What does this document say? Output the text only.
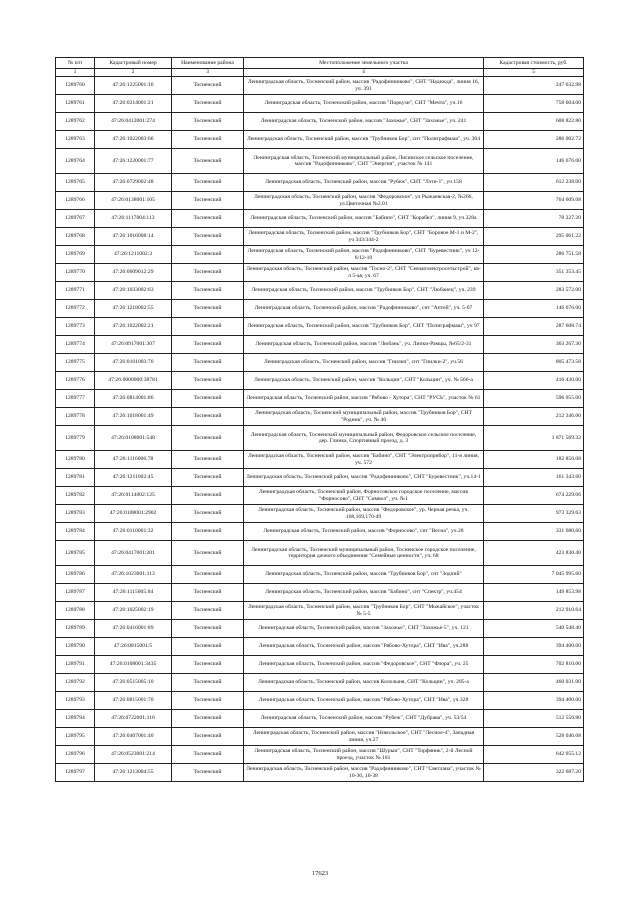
№ п/п	Кадастровый номер	Наименование района	Местоположение земельного участка	Кадастровая стоимость, руб.
1	2	3	4	5
1289760	47:26:1225001:16	Тосненский	Ленинградская область, Тосненский район, массив "Радофинниково", СНТ "Надежда", линия 16, уч. 391	247 632.98
1289761	47:26:0214001:21	Тосненский	Ленинградская область, Тосненский район, массив "Поркузи", СНТ "Мечта", уч.16	758 604.00
1289762	47:26:0412001:274	Тосненский	Ленинградская область, Тосненский район, массив "Захожье", СНТ "Захожье", уч. 241	608 822.80
1289763	47:26:1022003:66	Тосненский	Ленинградская область, Тосненский район, массив "Трубников Бор", снт "Полиграфмаш", уч. 304	286 002.72
1289764	47:26:1220001:77	Тосненский	Ленинградская область, Тосненский муниципальный район, Лисинское сельское поселение, массив "Радофинниково", СНТ "Энергия", участок № 141	146 676.00
1289765	47:26:0729002:48	Тосненский	Ленинградская область, Тосненский район, массив "Рубеж", СНТ "Лэти-1", уч 158	612 238.00
1289766	47:26:0138001:105	Тосненский	Ленинградская область, Тосненский район, массив "Федоровское", ул Рыжаевская-2, №266, ул.Цветочная №2.01	764 609.08
1289767	47:26:1117004:113	Тосненский	Ленинградская область, Тосненский район, массив "Бабино", СНТ "Корабел", линия 9, уч.328а	78 227.20
1289768	47:26:1016008:14	Тосненский	Ленинградская область, Тосненский район, массив "Трубников Бор", СНТ "Боровое М-1 и М-2", уч 343/344-2	295 061.22
1289769	47:26:1211002:3	Тосненский	Ленинградская область, Тосненский район, массив "Радофинниково", СНТ "Буревестник", уч 12-6/12-10	286 751.58
1289770	47:26:0609012:29	Тосненский	Ленинградская область, Тосненский район, массив "Тосно-2", СНТ "Севзапэлектросетьстрой", кв-л 5-ая, уч. 67	351 353.45
1289771	47:26:1033002:63	Тосненский	Ленинградская область, Тосненский район, массив "Трубников Бор", СНТ "Любанец", уч. 239	283 572.00
1289772	47:26:1218002:55	Тосненский	Ленинградская область, Тосненский район, массив "Радофинниково", снт "Аптей", уч. 5-07	146 676.00
1289773	47:26:1022002:21	Тосненский	Ленинградская область, Тосненский район, массив "Трубников Бор", СНТ "Полиграфмаш", уч 97	287 608.74
1289774	47:26:0917001:307	Тосненский	Ленинградская область, Тосненский район, массив "Любань", уч. Липки-Рамцы, №65/2-31	363 267.30
1289775	47:26:0101003:76	Тосненский	Ленинградская область, Тосненский район, массив "Гнилки", снт "Гнилки-2", уч.56	805 473.58
1289776	47:26:0000000:38781	Тосненский	Ленинградская область, Тосненский район, массив "Кольцин", СНТ "Кольцин", уч. № 566-а	416 430.00
1289777	47:26:0814001:86	Тосненский	Ленинградская область, Тосненский район, массив "Рябово - Хутора", СНТ "РУСЬ", участок № 61	596 055.00
1289778	47:26:1018001:49	Тосненский	Ленинградская область, Тосненский муниципальный район, массив "Трубников Бор", СНТ "Родник", уч. № 40	212 346.00
1289779	47:26:0108001:548	Тосненский	Ленинградская область, Тосненский муниципальный район, Федоровское сельское поселение, дер. Глинка, Спортивный проезд, д. 3	1 871 569.32
1289780	47:26:1116006:78	Тосненский	Ленинградская область, Тосненский район, массив "Бабино", СНТ "Электроприбор", 11-я линия, уч. 572	182 856.08
1289781	47:26:1211002:45	Тосненский	Ленинградская область, Тосненский район, массив "Радофинниково", СНТ "Буревестник", уч.14-1	161 343.60
1289782	47:26:0114002:125	Тосненский	Ленинградская область, Тосненский район, Форносовское городское поселение, массив "Форносово", СНТ "Символ", уч. №1	674 229.06
1289783	47:26:0108001:2902	Тосненский	Ленинградская область, Тосненский район, массив "Федоровское", ур. Черная речка, уч. 168,169,170-49	973 329.63
1289784	47:26:0110001:32	Тосненский	Ленинградская область, Тосненский район, массив "Форносово", снт "Весна", уч.28	331 680.60
1289785	47:26:0417001:201	Тосненский	Ленинградская область, Тосненский муниципальный район, Тосненское городское поселение, территория дачного объединения "Семейные ценности", уч. 68	423 830.40
1289786	47:26:1023001:113	Тосненский	Ленинградская область, Тосненский район, массив "Трубников Бор", снт "Зодчий"	7 045 995.60
1289787	47:26:1115005:84	Тосненский	Ленинградская область, Тосненский район, массив "Бабино", снт "Спектр", уч.454	149 853.98
1289788	47:26:1025002:19	Тосненский	Ленинградская область, Тосненский район, массив "Трубников Бор", СНТ "Можайское", участок № 5-5	212 910.64
1289789	47:26:0416001:89	Тосненский	Ленинградская область, Тосненский район, массив "Захожье", СНТ "Захожье-5", уч. 121	540 548.40
1289790	47:26:0815001:5	Тосненский	Ленинградская область, Тосненский район, массив "Рябово-Хутора", СНТ "Ива", уч.288	394 400.00
1289791	47:26:0108001:3435	Тосненский	Ленинградская область, Тосненский район, массив "Федоровское", СНТ "Флора", уч. 25	702 810.00
1289792	47:26:0515005:10	Тосненский	Ленинградская область, Тосненский район, массив Кололыня, СНТ "Кольцин", уч. 285-а	460 031.00
1289793	47:26:0815001:70	Тосненский	Ленинградская область, Тосненский район, массив "Рябово-Хутора", СНТ "Ива", уч.328	394 400.00
1289794	47:26:0722001:116	Тосненский	Ленинградская область, Тосненский район, массив "Рубеж", СНТ "Дубрава", уч. 53/54	512 556.80
1289795	47:26:0407001:40	Тосненский	Ленинградская область, Тосненский район, массив "Никольское", СНТ "Лесное-4", Западная линия, уч.27	528 046.08
1289796	47:26:0523001:214	Тосненский	Ленинградская область, Тосненский район, массив "Шурыи", СНТ "Торфяник", 2-й Лесной проезд, участок № 181	642 055.12
1289797	47:26:1213004:55	Тосненский	Ленинградская область, Тосненский район, массив "Радофинниково", СНТ "Светлана", участок № 10-36, 10-38	322 687.20
17623
